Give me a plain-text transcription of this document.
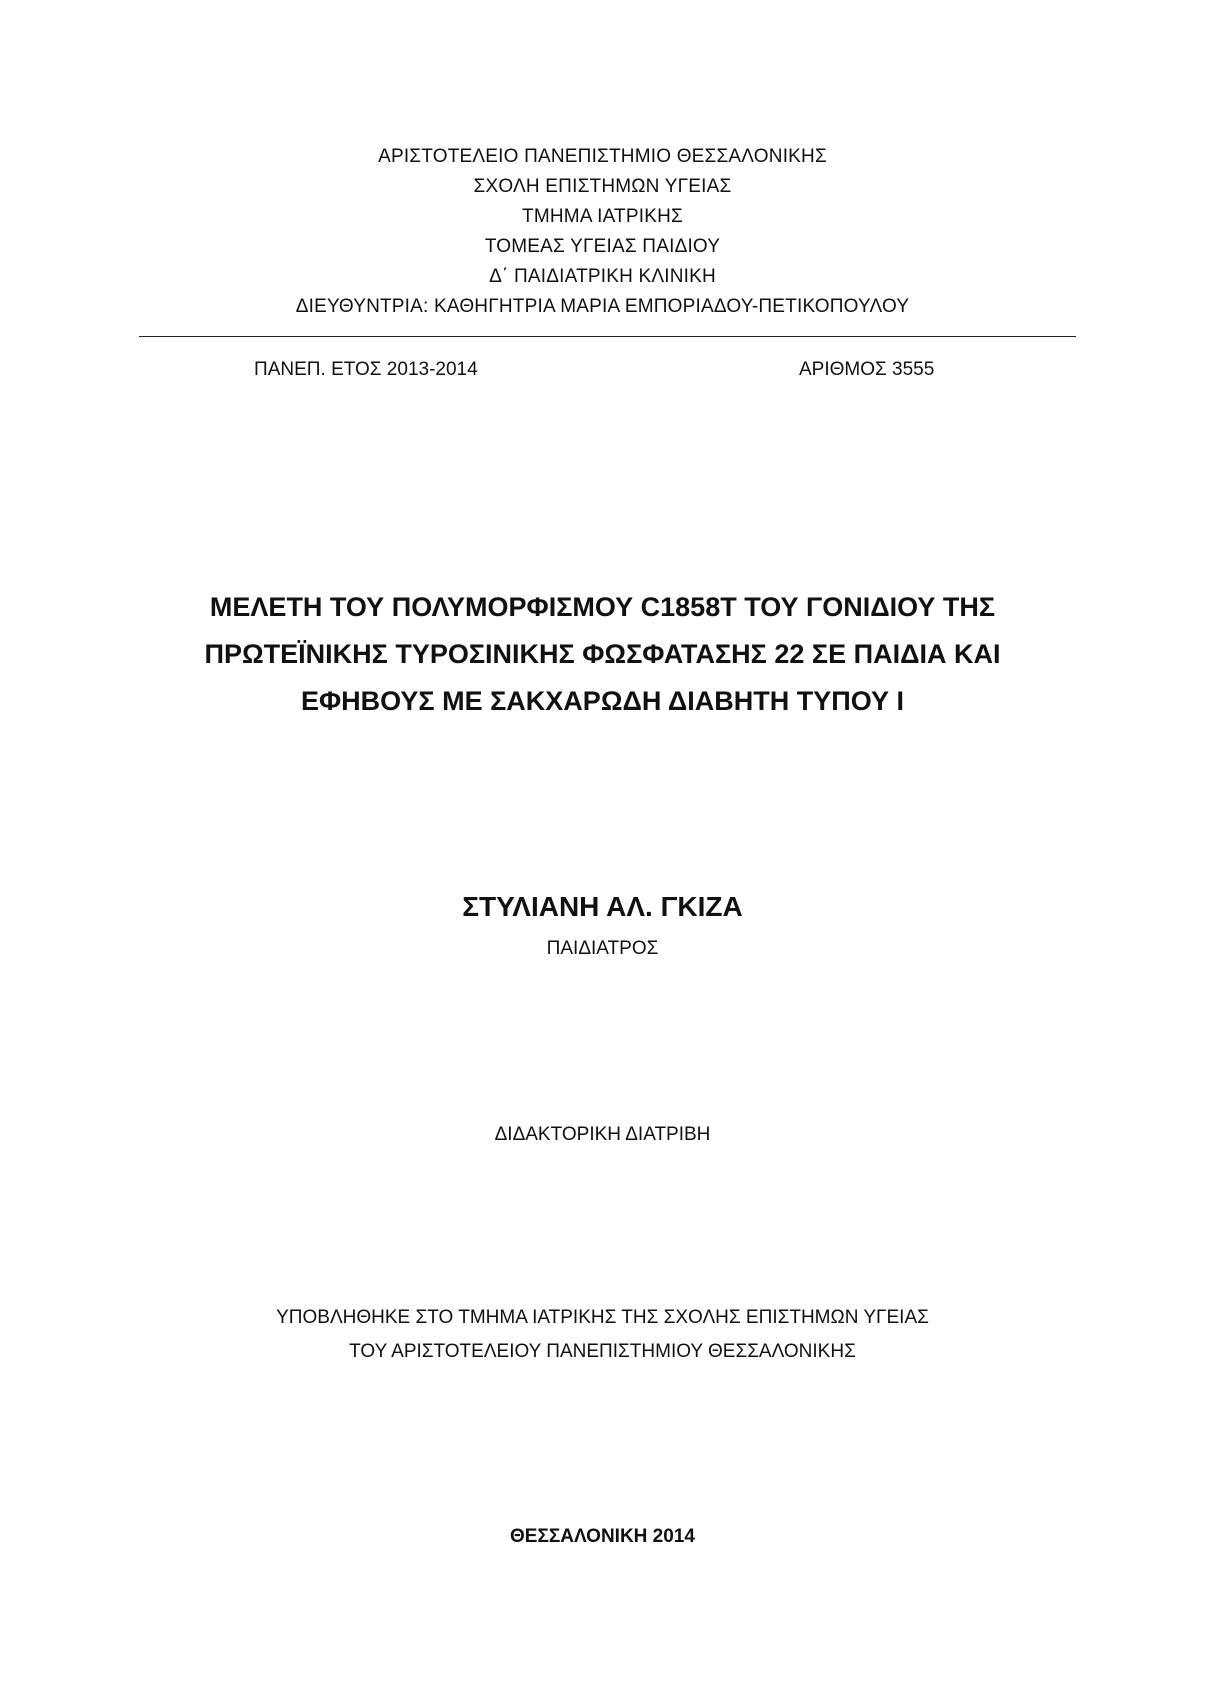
ΑΡΙΣΤΟΤΕΛΕΙΟ ΠΑΝΕΠΙΣΤΗΜΙΟ ΘΕΣΣΑΛΟΝΙΚΗΣ
ΣΧΟΛΗ ΕΠΙΣΤΗΜΩΝ ΥΓΕΙΑΣ
ΤΜΗΜΑ ΙΑΤΡΙΚΗΣ
ΤΟΜΕΑΣ ΥΓΕΙΑΣ ΠΑΙΔΙΟΥ
Δ΄ ΠΑΙΔΙΑΤΡΙΚΗ ΚΛΙΝΙΚΗ
ΔΙΕΥΘΥΝΤΡΙΑ: ΚΑΘΗΓΗΤΡΙΑ ΜΑΡΙΑ ΕΜΠΟΡΙΑΔΟΥ-ΠΕΤΙΚΟΠΟΥΛΟΥ
ΠΑΝΕΠ. ΕΤΟΣ 2013-2014	ΑΡΙΘΜΟΣ 3555
ΜΕΛΕΤΗ ΤΟΥ ΠΟΛΥΜΟΡΦΙΣΜΟΥ C1858T ΤΟΥ ΓΟΝΙΔΙΟΥ ΤΗΣ
ΠΡΩΤΕΪΝΙΚΗΣ ΤΥΡΟΣΙΝΙΚΗΣ ΦΩΣΦΑΤΑΣΗΣ 22 ΣΕ ΠΑΙΔΙΑ ΚΑΙ
ΕΦΗΒΟΥΣ ΜΕ ΣΑΚΧΑΡΩΔΗ ΔΙΑΒΗΤΗ ΤΥΠΟΥ Ι
ΣΤΥΛΙΑΝΗ ΑΛ. ΓΚΙΖΑ
ΠΑΙΔΙΑΤΡΟΣ
ΔΙΔΑΚΤΟΡΙΚΗ ΔΙΑΤΡΙΒΗ
ΥΠΟΒΛΗΘΗΚΕ ΣΤΟ ΤΜΗΜΑ ΙΑΤΡΙΚΗΣ ΤΗΣ ΣΧΟΛΗΣ ΕΠΙΣΤΗΜΩΝ ΥΓΕΙΑΣ
ΤΟΥ ΑΡΙΣΤΟΤΕΛΕΙΟΥ ΠΑΝΕΠΙΣΤΗΜΙΟΥ ΘΕΣΣΑΛΟΝΙΚΗΣ
ΘΕΣΣΑΛΟΝΙΚΗ 2014
